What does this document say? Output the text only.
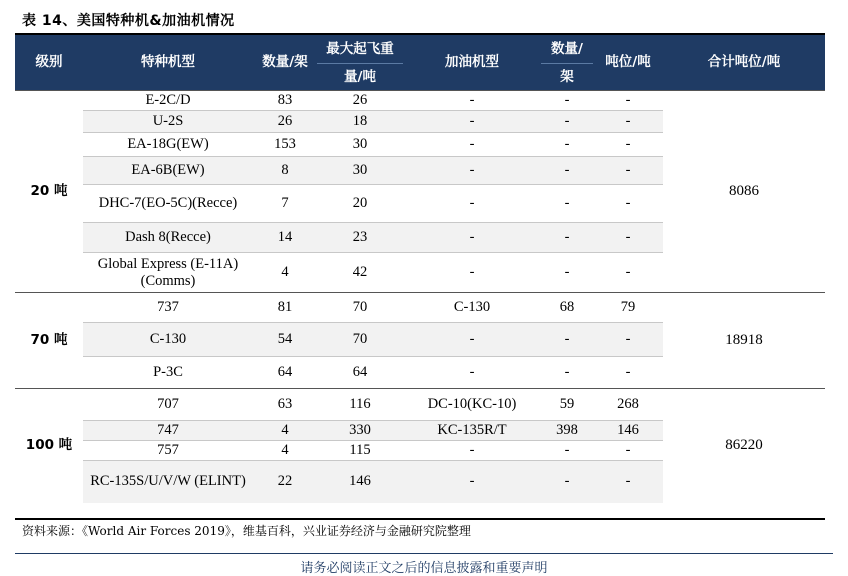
表 14、美国特种机&加油机情况
级别	特种机型	数量/架	最大起飞重	加油机型	数量/	吨位/吨	合计吨位/吨
			量/吨		架		
20 吨	E-2C/D	83	26	-	-	-	8086
	U-2S	26	18	-	-	-	
	EA-18G(EW)	153	30	-	-	-	
	EA-6B(EW)	8	30	-	-	-	
	DHC-7(EO-5C)(Recce)	7	20	-	-	-	
	Dash 8(Recce)	14	23	-	-	-	
	Global Express (E-11A)(Comms)	4	42	-	-	-	
70 吨	737	81	70	C-130	68	79	18918
	C-130	54	70	-	-	-	
	P-3C	64	64	-	-	-	
100 吨	707	63	116	DC-10(KC-10)	59	268	86220
	747	4	330	KC-135R/T	398	146	
	757	4	115	-	-	-	
	RC-135S/U/V/W (ELINT)	22	146	-	-	-	
资料来源：《World Air Forces 2019》，维基百科，兴业证券经济与金融研究院整理
请务必阅读正文之后的信息披露和重要声明
